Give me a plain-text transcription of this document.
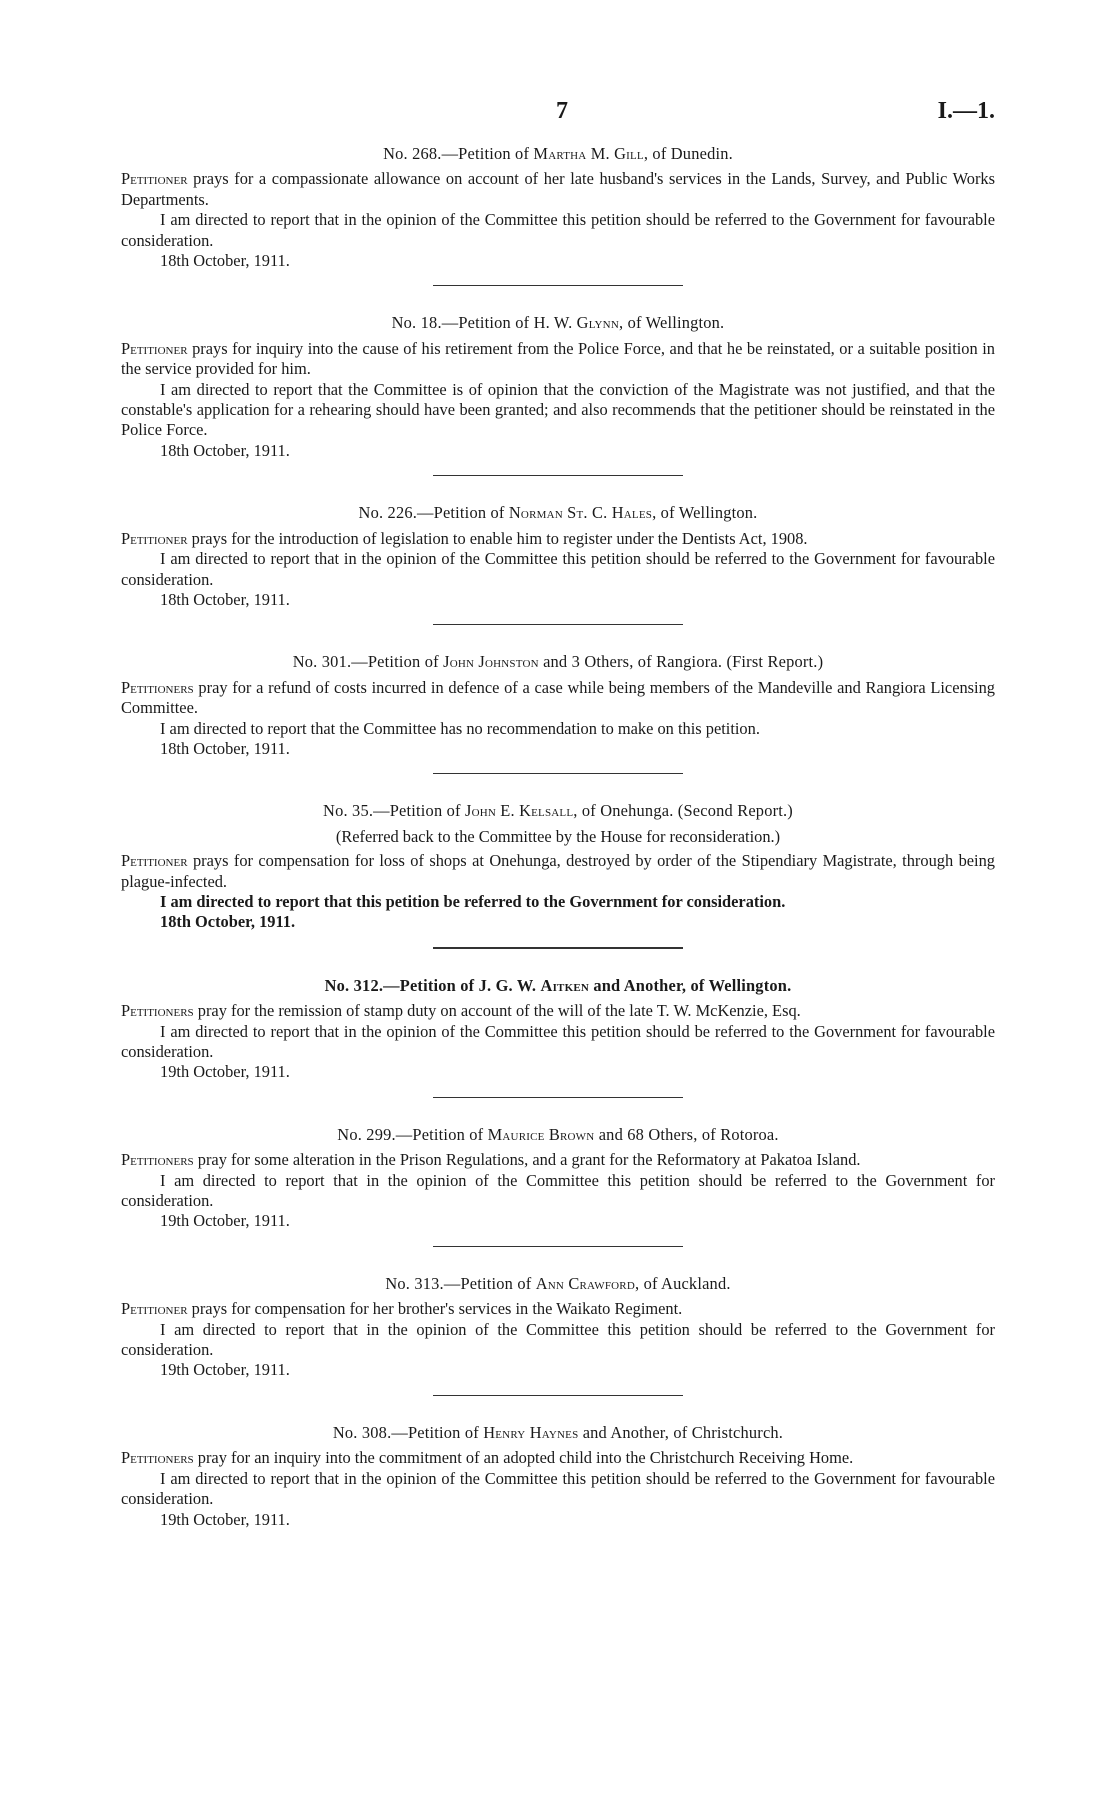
7	I.—1.

No. 268.—Petition of Martha M. Gill, of Dunedin.

Petitioner prays for a compassionate allowance on account of her late husband's services in the Lands, Survey, and Public Works Departments.

I am directed to report that in the opinion of the Committee this petition should be referred to the Government for favourable consideration.

18th October, 1911.

No. 18.—Petition of H. W. Glynn, of Wellington.

Petitioner prays for inquiry into the cause of his retirement from the Police Force, and that he be reinstated, or a suitable position in the service provided for him.

I am directed to report that the Committee is of opinion that the conviction of the Magistrate was not justified, and that the constable's application for a rehearing should have been granted; and also recommends that the petitioner should be reinstated in the Police Force.

18th October, 1911.

No. 226.—Petition of Norman St. C. Hales, of Wellington.

Petitioner prays for the introduction of legislation to enable him to register under the Dentists Act, 1908.

I am directed to report that in the opinion of the Committee this petition should be referred to the Government for favourable consideration.

18th October, 1911.

No. 301.—Petition of John Johnston and 3 Others, of Rangiora. (First Report.)

Petitioners pray for a refund of costs incurred in defence of a case while being members of the Mandeville and Rangiora Licensing Committee.

I am directed to report that the Committee has no recommendation to make on this petition.

18th October, 1911.

No. 35.—Petition of John E. Kelsall, of Onehunga. (Second Report.)

(Referred back to the Committee by the House for reconsideration.)

Petitioner prays for compensation for loss of shops at Onehunga, destroyed by order of the Stipendiary Magistrate, through being plague-infected.

I am directed to report that this petition be referred to the Government for consideration.

18th October, 1911.

No. 312.—Petition of J. G. W. Aitken and Another, of Wellington.

Petitioners pray for the remission of stamp duty on account of the will of the late T. W. McKenzie, Esq.

I am directed to report that in the opinion of the Committee this petition should be referred to the Government for favourable consideration.

19th October, 1911.

No. 299.—Petition of Maurice Brown and 68 Others, of Rotoroa.

Petitioners pray for some alteration in the Prison Regulations, and a grant for the Reformatory at Pakatoa Island.

I am directed to report that in the opinion of the Committee this petition should be referred to the Government for consideration.

19th October, 1911.

No. 313.—Petition of Ann Crawford, of Auckland.

Petitioner prays for compensation for her brother's services in the Waikato Regiment.

I am directed to report that in the opinion of the Committee this petition should be referred to the Government for consideration.

19th October, 1911.

No. 308.—Petition of Henry Haynes and Another, of Christchurch.

Petitioners pray for an inquiry into the commitment of an adopted child into the Christchurch Receiving Home.

I am directed to report that in the opinion of the Committee this petition should be referred to the Government for favourable consideration.

19th October, 1911.
